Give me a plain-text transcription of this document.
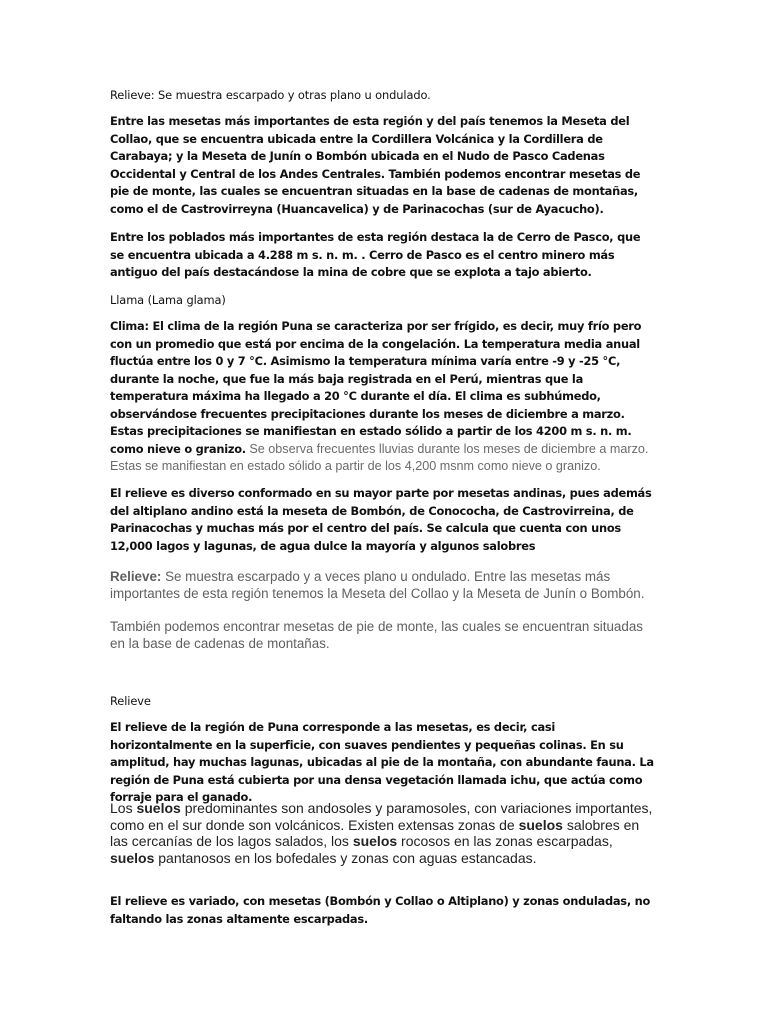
Relieve: Se muestra escarpado y otras plano u ondulado.

Entre las mesetas más importantes de esta región y del país tenemos la Meseta del Collao, que se encuentra ubicada entre la Cordillera Volcánica y la Cordillera de Carabaya; y la Meseta de Junín o Bombón ubicada en el Nudo de Pasco Cadenas Occidental y Central de los Andes Centrales. También podemos encontrar mesetas de pie de monte, las cuales se encuentran situadas en la base de cadenas de montañas, como el de Castrovirreyna (Huancavelica) y de Parinacochas (sur de Ayacucho).

Entre los poblados más importantes de esta región destaca la de Cerro de Pasco, que se encuentra ubicada a 4.288 m s. n. m. . Cerro de Pasco es el centro minero más antiguo del país destacándose la mina de cobre que se explota a tajo abierto.

Llama (Lama glama)

Clima: El clima de la región Puna se caracteriza por ser frígido, es decir, muy frío pero con un promedio que está por encima de la congelación. La temperatura media anual fluctúa entre los 0 y 7 °C. Asimismo la temperatura mínima varía entre -9 y -25 °C, durante la noche, que fue la más baja registrada en el Perú, mientras que la temperatura máxima ha llegado a 20 °C durante el día. El clima es subhúmedo, observándose frecuentes precipitaciones durante los meses de diciembre a marzo. Estas precipitaciones se manifiestan en estado sólido a partir de los 4200 m s. n. m. como nieve o granizo. Se observa frecuentes lluvias durante los meses de diciembre a marzo. Estas se manifiestan en estado sólido a partir de los 4,200 msnm como nieve o granizo.

El relieve es diverso conformado en su mayor parte por mesetas andinas, pues además del altiplano andino está la meseta de Bombón, de Conococha, de Castrovirreina, de Parinacochas y muchas más por el centro del país. Se calcula que cuenta con unos 12,000 lagos y lagunas, de agua dulce la mayoría y algunos salobres

Relieve: Se muestra escarpado y a veces plano u ondulado. Entre las mesetas más importantes de esta región tenemos la Meseta del Collao y la Meseta de Junín o Bombón.

También podemos encontrar mesetas de pie de monte, las cuales se encuentran situadas en la base de cadenas de montañas.

Relieve

El relieve de la región de Puna corresponde a las mesetas, es decir, casi horizontalmente en la superficie, con suaves pendientes y pequeñas colinas. En su amplitud, hay muchas lagunas, ubicadas al pie de la montaña, con abundante fauna. La región de Puna está cubierta por una densa vegetación llamada ichu, que actúa como forraje para el ganado.

Los suelos predominantes son andosoles y paramosoles, con variaciones importantes, como en el sur donde son volcánicos. Existen extensas zonas de suelos salobres en las cercanías de los lagos salados, los suelos rocosos en las zonas escarpadas, suelos pantanosos en los bofedales y zonas con aguas estancadas.

El relieve es variado, con mesetas (Bombón y Collao o Altiplano) y zonas onduladas, no faltando las zonas altamente escarpadas.
